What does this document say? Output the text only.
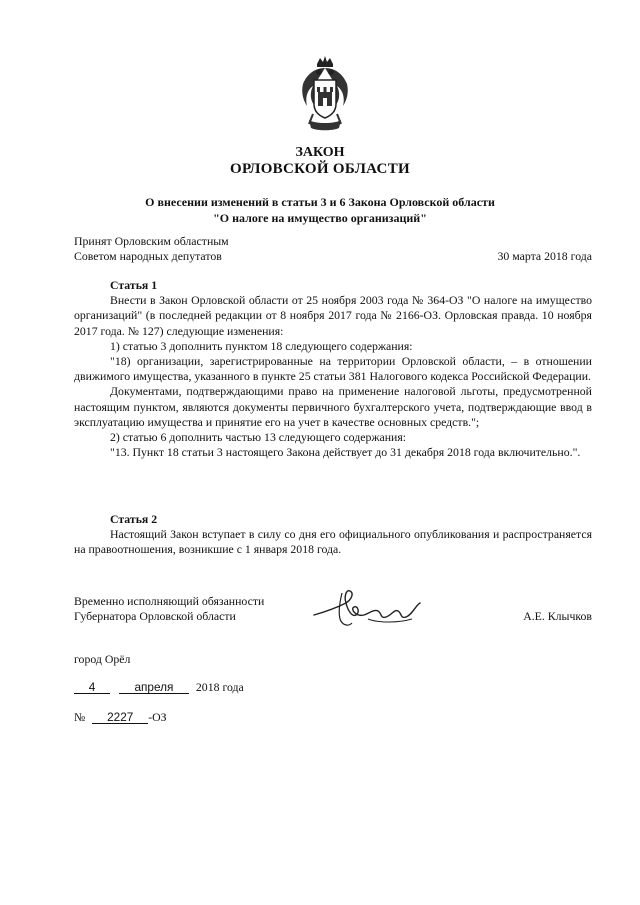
ЗАКОН
ОРЛОВСКОЙ ОБЛАСТИ
О внесении изменений в статьи 3 и 6 Закона Орловской области
"О налоге на имущество организаций"
Принят Орловским областным
Советом народных депутатов	30 марта 2018 года

Статья 1

Внести в Закон Орловской области от 25 ноября 2003 года № 364-ОЗ "О налоге на имущество организаций" (в последней редакции от 8 ноября 2017 года № 2166-ОЗ. Орловская правда. 10 ноября 2017 года. № 127) следующие изменения:

1) статью 3 дополнить пунктом 18 следующего содержания:

"18) организации, зарегистрированные на территории Орловской области, – в отношении движимого имущества, указанного в пункте 25 статьи 381 Налогового кодекса Российской Федерации.

Документами, подтверждающими право на применение налоговой льготы, предусмотренной настоящим пунктом, являются документы первичного бухгалтерского учета, подтверждающие ввод в эксплуатацию имущества и принятие его на учет в качестве основных средств.";

2) статью 6 дополнить частью 13 следующего содержания:

"13. Пункт 18 статьи 3 настоящего Закона действует до 31 декабря 2018 года включительно.".

Статья 2

Настоящий Закон вступает в силу со дня его официального опубликования и распространяется на правоотношения, возникшие с 1 января 2018 года.

Временно исполняющий обязанности
Губернатора Орловской области	А.Е. Клычков
город Орёл
4	апреля 2018 года
№ 2227 -ОЗ
